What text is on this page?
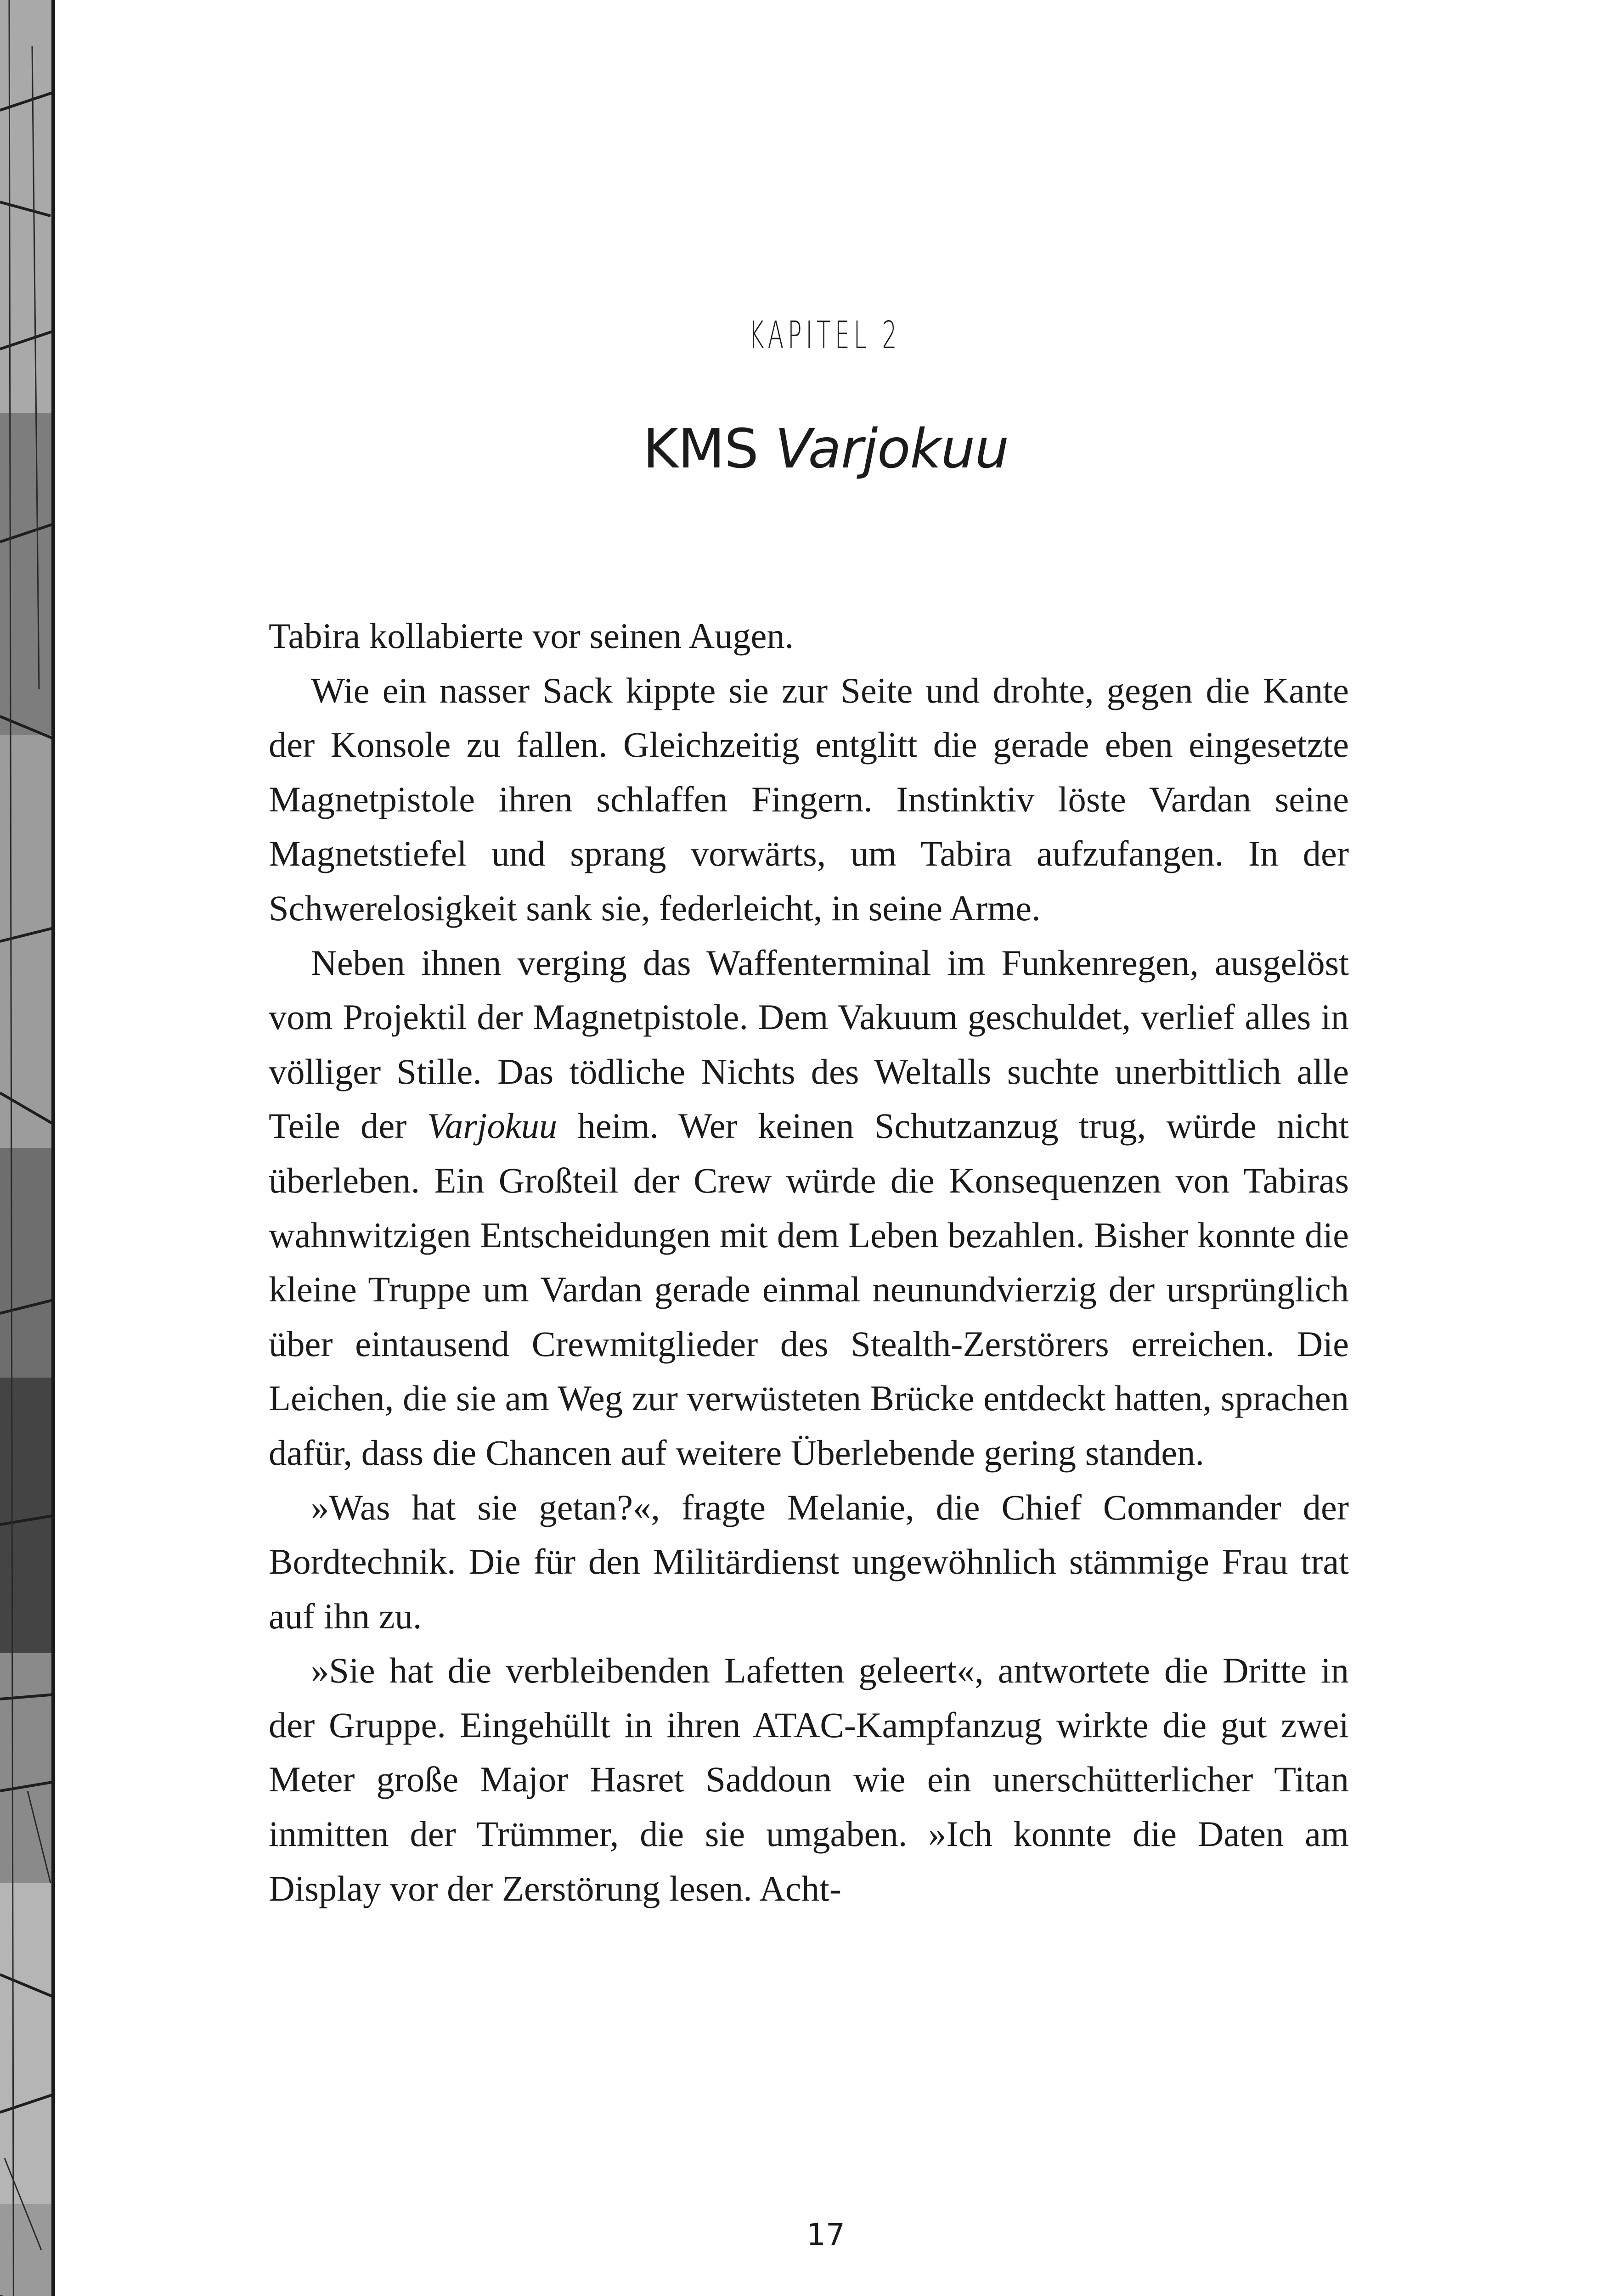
KAPITEL 2
KMS Varjokuu

Tabira kollabierte vor seinen Augen.

Wie ein nasser Sack kippte sie zur Seite und drohte, gegen die Kante der Konsole zu fallen. Gleichzeitig entglitt die gerade eben eingesetzte Magnetpistole ihren schlaffen Fingern. Instinktiv löste Vardan seine Magnetstiefel und sprang vorwärts, um Tabira aufzufangen. In der Schwerelosigkeit sank sie, federleicht, in seine Arme.

Neben ihnen verging das Waffenterminal im Funkenregen, ausgelöst vom Projektil der Magnetpistole. Dem Vakuum geschuldet, verlief alles in völliger Stille. Das tödliche Nichts des Weltalls suchte unerbittlich alle Teile der Varjokuu heim. Wer keinen Schutzanzug trug, würde nicht überleben. Ein Großteil der Crew würde die Konsequenzen von Tabiras wahnwitzigen Entscheidungen mit dem Leben bezahlen. Bisher konnte die kleine Truppe um Vardan gerade einmal neunundvierzig der ursprünglich über eintausend Crewmitglieder des Stealth-Zerstörers erreichen. Die Leichen, die sie am Weg zur verwüsteten Brücke entdeckt hatten, sprachen dafür, dass die Chancen auf weitere Überlebende gering standen.

»Was hat sie getan?«, fragte Melanie, die Chief Commander der Bordtechnik. Die für den Militärdienst ungewöhnlich stämmige Frau trat auf ihn zu.

»Sie hat die verbleibenden Lafetten geleert«, antwortete die Dritte in der Gruppe. Eingehüllt in ihren ATAC-Kampfanzug wirkte die gut zwei Meter große Major Hasret Saddoun wie ein unerschütterlicher Titan inmitten der Trümmer, die sie umgaben. »Ich konnte die Daten am Display vor der Zerstörung lesen. Acht-

17
